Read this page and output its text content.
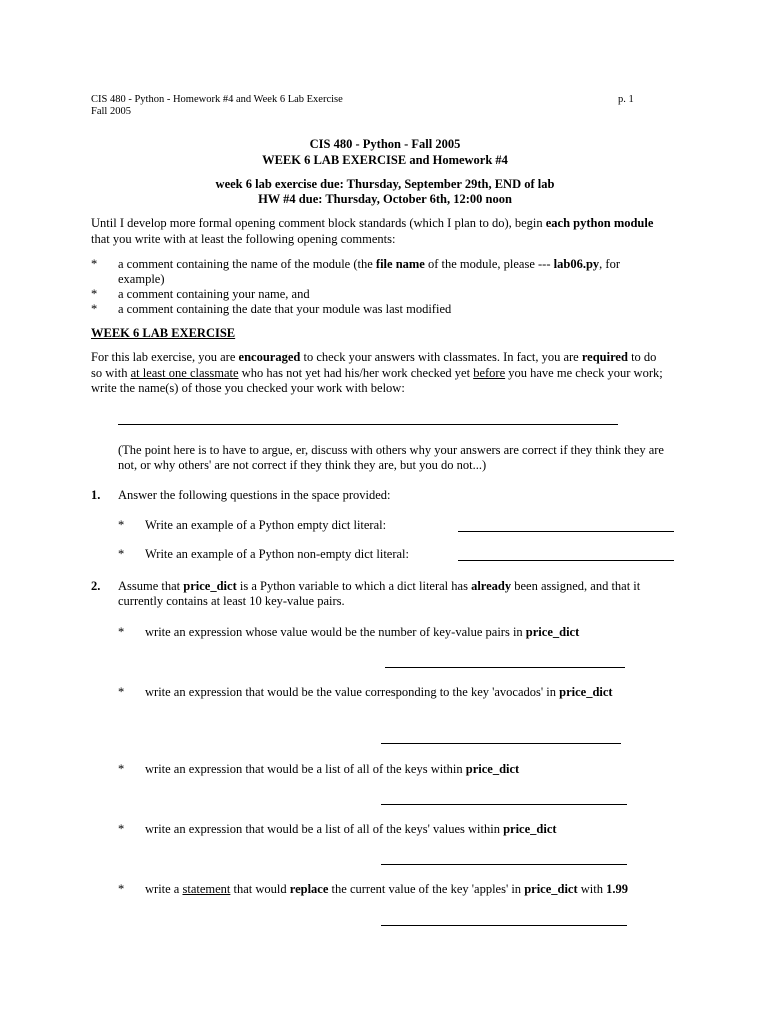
CIS 480 - Python - Homework #4 and Week 6 Lab Exercise
Fall 2005
p. 1
CIS 480 - Python - Fall 2005
WEEK 6 LAB EXERCISE and Homework #4
week 6 lab exercise due: Thursday, September 29th, END of lab
HW #4 due: Thursday, October 6th, 12:00 noon
Until I develop more formal opening comment block standards (which I plan to do), begin each python module
that you write with at least the following opening comments:
* a comment containing the name of the module (the file name of the module, please --- lab06.py, for
example)
* a comment containing your name, and
* a comment containing the date that your module was last modified
WEEK 6 LAB EXERCISE
For this lab exercise, you are encouraged to check your answers with classmates. In fact, you are required to do
so with at least one classmate who has not yet had his/her work checked yet before you have me check your work;
write the name(s) of those you checked your work with below:
(The point here is to have to argue, er, discuss with others why your answers are correct if they think they are
not, or why others' are not correct if they think they are, but you do not...)
1. Answer the following questions in the space provided:
* Write an example of a Python empty dict literal:
* Write an example of a Python non-empty dict literal:
2. Assume that price_dict is a Python variable to which a dict literal has already been assigned, and that it
currently contains at least 10 key-value pairs.
* write an expression whose value would be the number of key-value pairs in price_dict
* write an expression that would be the value corresponding to the key 'avocados' in price_dict
* write an expression that would be a list of all of the keys within price_dict
* write an expression that would be a list of all of the keys' values within price_dict
* write a statement that would replace the current value of the key 'apples' in price_dict with 1.99
